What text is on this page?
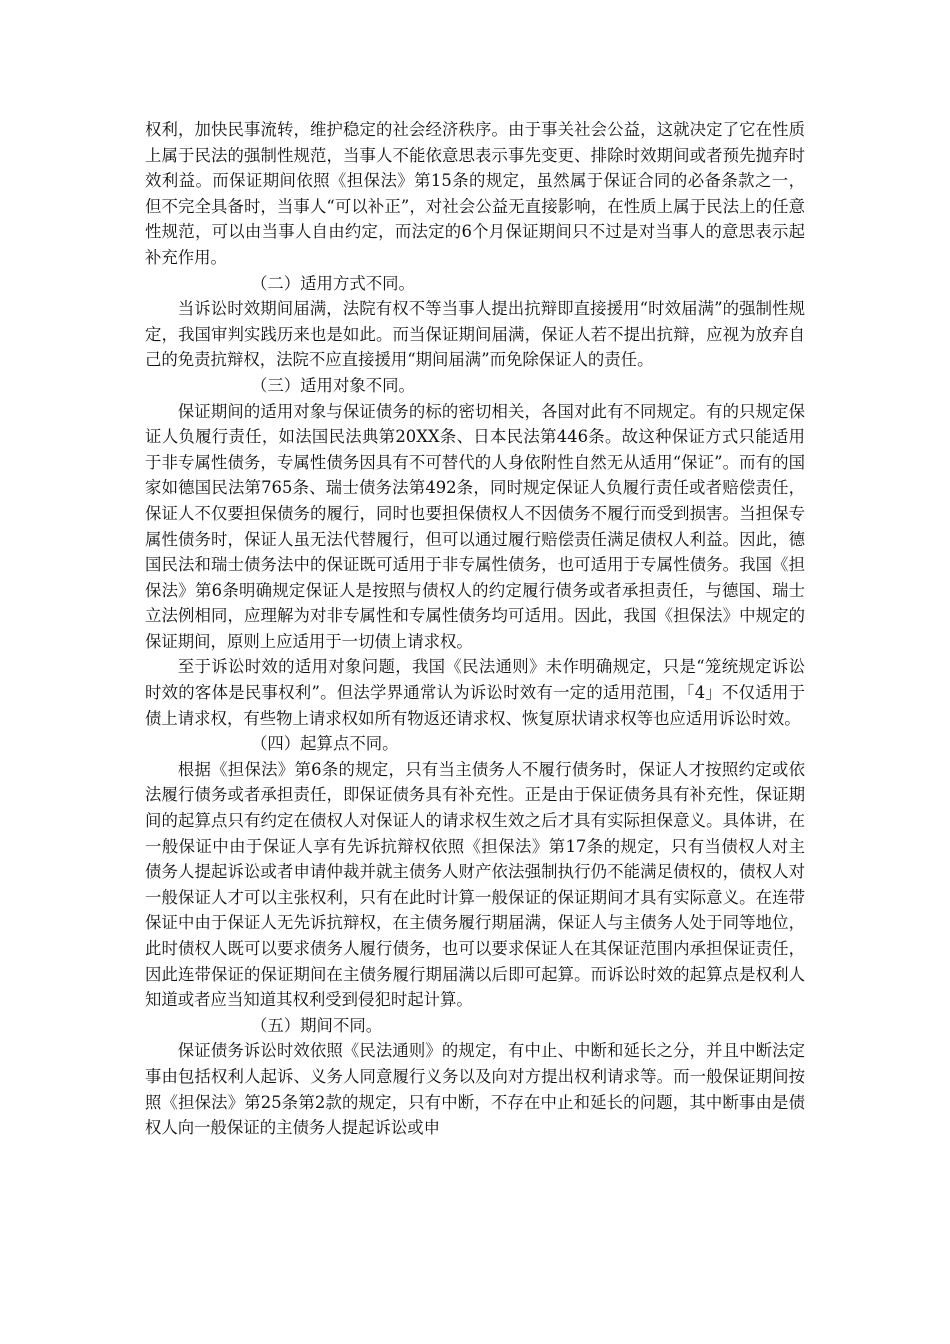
权利，加快民事流转，维护稳定的社会经济秩序。由于事关社会公益，这就决定了它在性质上属于民法的强制性规范，当事人不能依意思表示事先变更、排除时效期间或者预先抛弃时效利益。而保证期间依照《担保法》第15条的规定，虽然属于保证合同的必备条款之一，但不完全具备时，当事人“可以补正”，对社会公益无直接影响，在性质上属于民法上的任意性规范，可以由当事人自由约定，而法定的6个月保证期间只不过是对当事人的意思表示起补充作用。

（二）适用方式不同。

当诉讼时效期间届满，法院有权不等当事人提出抗辩即直接援用“时效届满”的强制性规定，我国审判实践历来也是如此。而当保证期间届满，保证人若不提出抗辩，应视为放弃自己的免责抗辩权，法院不应直接援用“期间届满”而免除保证人的责任。

（三）适用对象不同。

保证期间的适用对象与保证债务的标的密切相关，各国对此有不同规定。有的只规定保证人负履行责任，如法国民法典第20XX条、日本民法第446条。故这种保证方式只能适用于非专属性债务，专属性债务因具有不可替代的人身依附性自然无从适用“保证”。而有的国家如德国民法第765条、瑞士债务法第492条，同时规定保证人负履行责任或者赔偿责任，保证人不仅要担保债务的履行，同时也要担保债权人不因债务不履行而受到损害。当担保专属性债务时，保证人虽无法代替履行，但可以通过履行赔偿责任满足债权人利益。因此，德国民法和瑞士债务法中的保证既可适用于非专属性债务，也可适用于专属性债务。我国《担保法》第6条明确规定保证人是按照与债权人的约定履行债务或者承担责任，与德国、瑞士立法例相同，应理解为对非专属性和专属性债务均可适用。因此，我国《担保法》中规定的保证期间，原则上应适用于一切债上请求权。

至于诉讼时效的适用对象问题，我国《民法通则》未作明确规定，只是“笼统规定诉讼时效的客体是民事权利”。但法学界通常认为诉讼时效有一定的适用范围，「4」不仅适用于债上请求权，有些物上请求权如所有物返还请求权、恢复原状请求权等也应适用诉讼时效。

（四）起算点不同。

根据《担保法》第6条的规定，只有当主债务人不履行债务时，保证人才按照约定或依法履行债务或者承担责任，即保证债务具有补充性。正是由于保证债务具有补充性，保证期间的起算点只有约定在债权人对保证人的请求权生效之后才具有实际担保意义。具体讲，在一般保证中由于保证人享有先诉抗辩权依照《担保法》第17条的规定，只有当债权人对主债务人提起诉讼或者申请仲裁并就主债务人财产依法强制执行仍不能满足债权的，债权人对一般保证人才可以主张权利，只有在此时计算一般保证的保证期间才具有实际意义。在连带保证中由于保证人无先诉抗辩权，在主债务履行期届满，保证人与主债务人处于同等地位，此时债权人既可以要求债务人履行债务，也可以要求保证人在其保证范围内承担保证责任，因此连带保证的保证期间在主债务履行期届满以后即可起算。而诉讼时效的起算点是权利人知道或者应当知道其权利受到侵犯时起计算。

（五）期间不同。

保证债务诉讼时效依照《民法通则》的规定，有中止、中断和延长之分，并且中断法定事由包括权利人起诉、义务人同意履行义务以及向对方提出权利请求等。而一般保证期间按照《担保法》第25条第2款的规定，只有中断，不存在中止和延长的问题，其中断事由是债权人向一般保证的主债务人提起诉讼或申
